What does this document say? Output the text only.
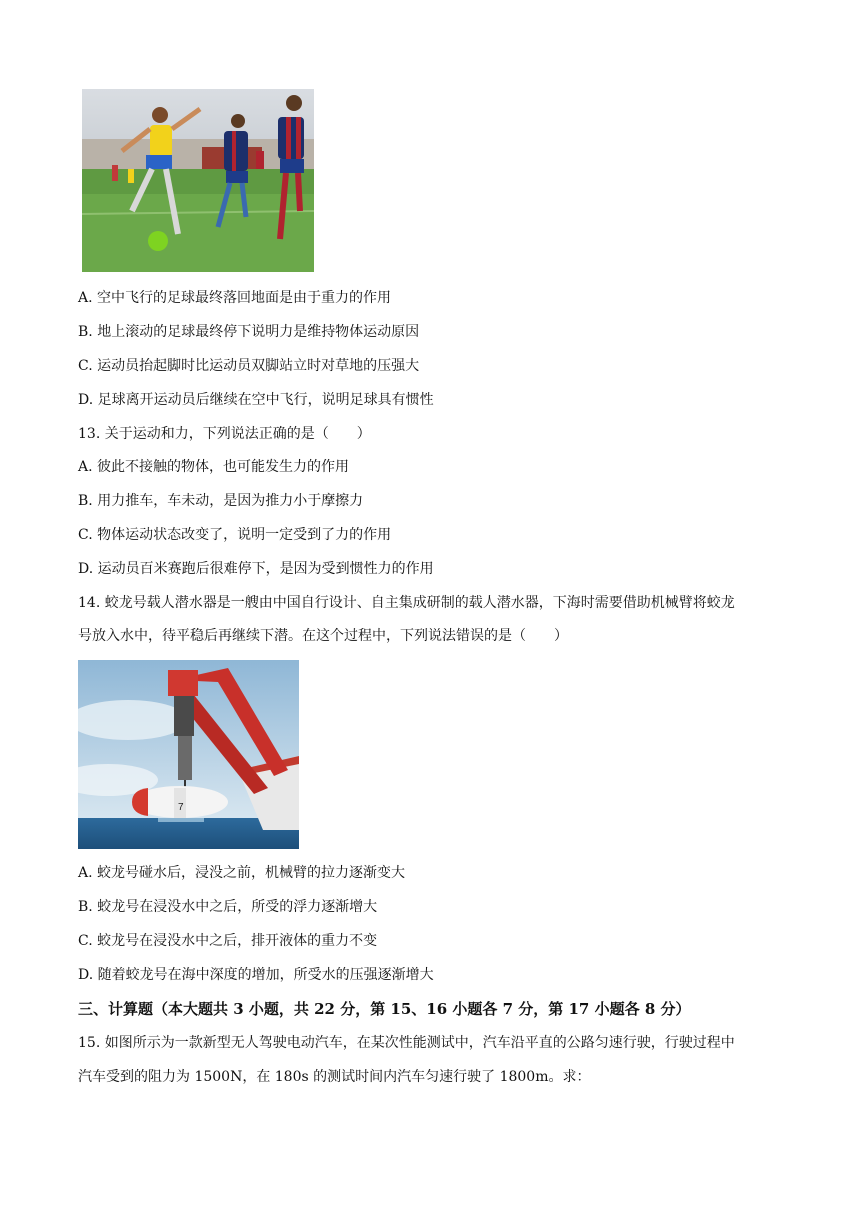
A. 空中飞行的足球最终落回地面是由于重力的作用
B. 地上滚动的足球最终停下说明力是维持物体运动原因
C. 运动员抬起脚时比运动员双脚站立时对草地的压强大
D. 足球离开运动员后继续在空中飞行，说明足球具有惯性
13. 关于运动和力，下列说法正确的是（　　）
A. 彼此不接触的物体，也可能发生力的作用
B. 用力推车，车未动，是因为推力小于摩擦力
C. 物体运动状态改变了，说明一定受到了力的作用
D. 运动员百米赛跑后很难停下，是因为受到惯性力的作用
14. 蛟龙号载人潜水器是一艘由中国自行设计、自主集成研制的载人潜水器，下海时需要借助机械臂将蛟龙
号放入水中，待平稳后再继续下潜。在这个过程中，下列说法错误的是（　　）
7
A. 蛟龙号碰水后，浸没之前，机械臂的拉力逐渐变大
B. 蛟龙号在浸没水中之后，所受的浮力逐渐增大
C. 蛟龙号在浸没水中之后，排开液体的重力不变
D. 随着蛟龙号在海中深度的增加，所受水的压强逐渐增大
三、计算题（本大题共 3 小题，共 22 分，第 15、16 小题各 7 分，第 17 小题各 8 分）
15. 如图所示为一款新型无人驾驶电动汽车，在某次性能测试中，汽车沿平直的公路匀速行驶，行驶过程中
汽车受到的阻力为 1500N，在 180s 的测试时间内汽车匀速行驶了 1800m。求：
